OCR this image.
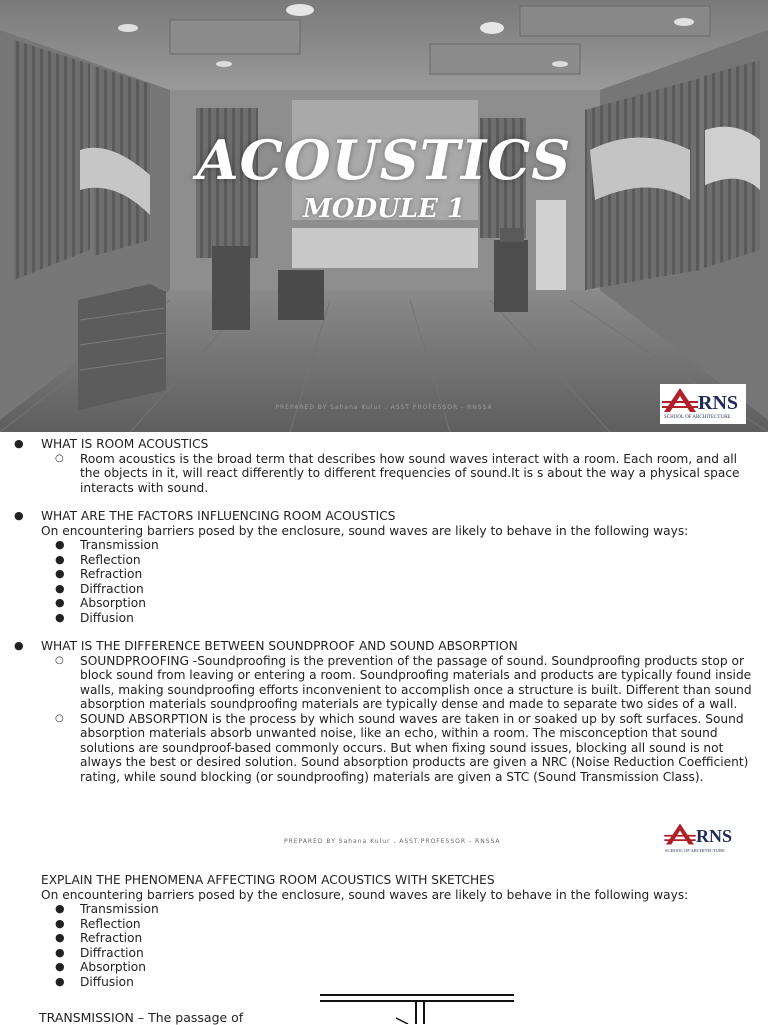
ACOUSTICS
MODULE 1
PREPARED BY Sahana Kulur , ASST PROFESSOR - RNSSA	RNS
SCHOOL OF ARCHITECTURE
● WHAT IS ROOM ACOUSTICS
○ Room acoustics is the broad term that describes how sound waves interact with a room. Each room, and all the objects in it, will react differently to different frequencies of sound.It is s about the way a physical space interacts with sound.
● WHAT ARE THE FACTORS INFLUENCING ROOM ACOUSTICS
On encountering barriers posed by the enclosure, sound waves are likely to behave in the following ways:
● Transmission
● Reflection
● Refraction
● Diffraction
● Absorption
● Diffusion
● WHAT IS THE DIFFERENCE BETWEEN SOUNDPROOF AND SOUND ABSORPTION
○ SOUNDPROOFING -Soundproofing is the prevention of the passage of sound. Soundproofing products stop or block sound from leaving or entering a room. Soundproofing materials and products are typically found inside walls, making soundproofing efforts inconvenient to accomplish once a structure is built. Different than sound absorption materials soundproofing materials are typically dense and made to separate two sides of a wall.
○ SOUND ABSORPTION is the process by which sound waves are taken in or soaked up by soft surfaces. Sound absorption materials absorb unwanted noise, like an echo, within a room. The misconception that sound solutions are soundproof-based commonly occurs. But when fixing sound issues, blocking all sound is not always the best or desired solution. Sound absorption products are given a NRC (Noise Reduction Coefficient) rating, while sound blocking (or soundproofing) materials are given a STC (Sound Transmission Class).
PREPARED BY Sahana Kulur , ASST.PROFESSOR - RNSSA	RNS
SCHOOL OF ARCHITECTURE
EXPLAIN THE PHENOMENA AFFECTING ROOM ACOUSTICS WITH SKETCHES
On encountering barriers posed by the enclosure, sound waves are likely to behave in the following ways:
● Transmission
● Reflection
● Refraction
● Diffraction
● Absorption
● Diffusion
TRANSMISSION – The passage of
